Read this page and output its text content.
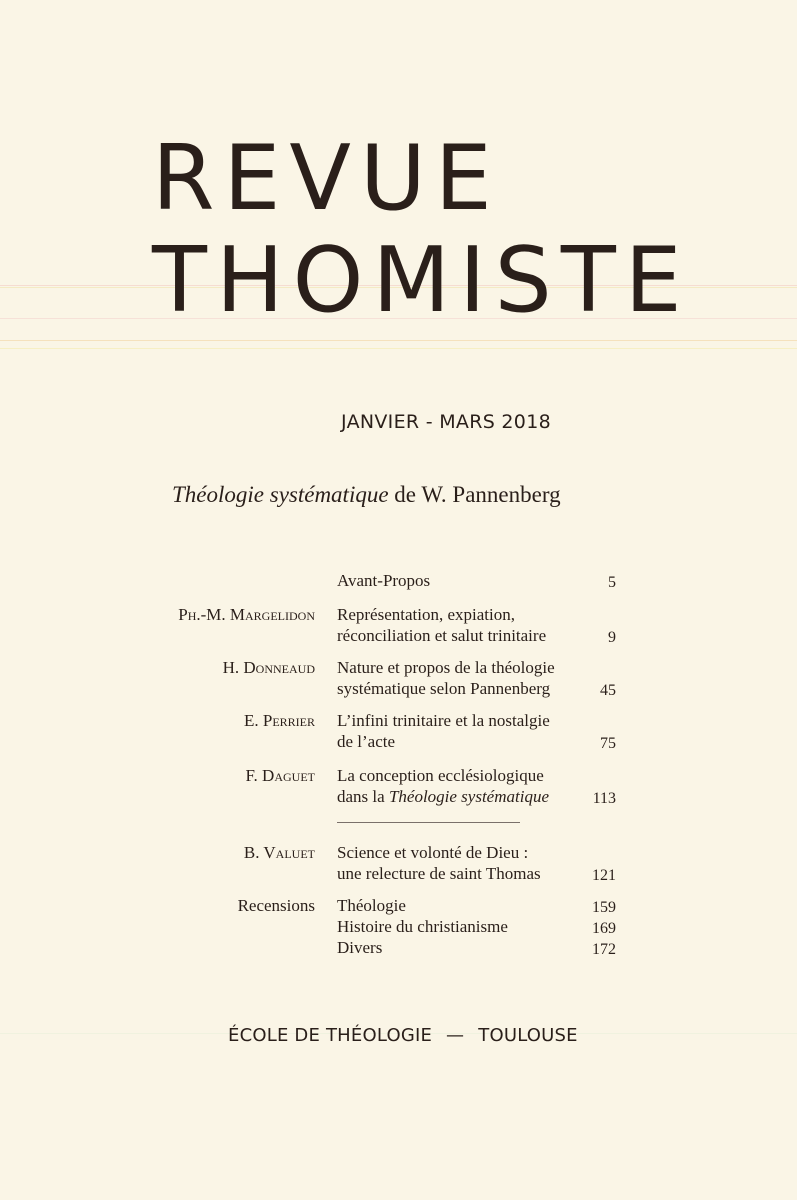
REVUE
THOMISTE
JANVIER - MARS 2018
Théologie systématique de W. Pannenberg
Avant-Propos	5
Ph.-M. Margelidon Représentation, expiation,
réconciliation et salut trinitaire	9
H. Donneaud Nature et propos de la théologie
systématique selon Pannenberg	45
E. Perrier L’infini trinitaire et la nostalgie
de l’acte	75
F. Daguet La conception ecclésiologique
dans la Théologie systématique	113
B. Valuet Science et volonté de Dieu :
une relecture de saint Thomas	121
Recensions Théologie	159
Histoire du christianisme	169
Divers	172
ÉCOLE DE THÉOLOGIE — TOULOUSE
